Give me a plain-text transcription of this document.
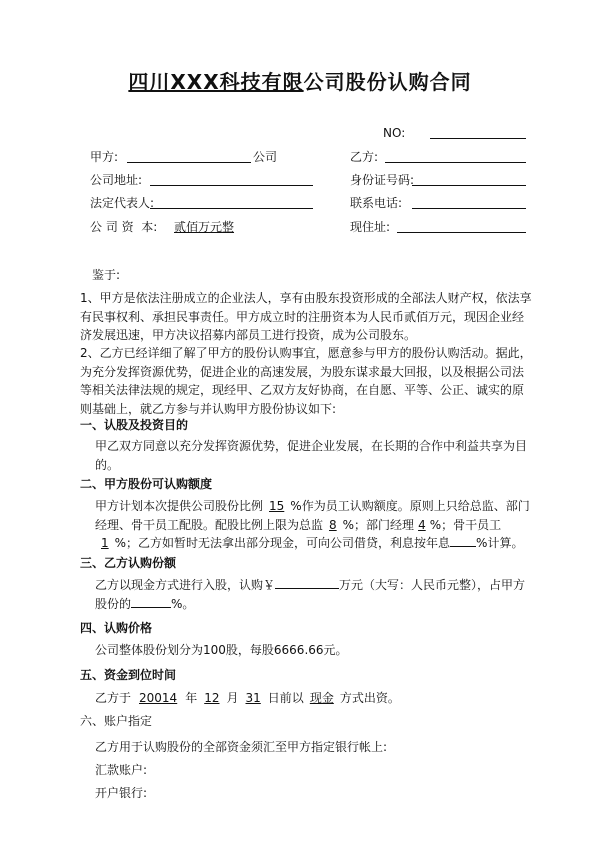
四川XXX科技有限公司股份认购合同
NO:
甲方:	公司	乙方:
公司地址:	身份证号码:
法定代表人:	联系电话:
公 司 资  本:	贰佰万元整	现住址:
鉴于:
1、甲方是依法注册成立的企业法人，享有由股东投资形成的全部法人财产权，依法享有民事权利、承担民事责任。甲方成立时的注册资本为人民币贰佰万元，现因企业经济发展迅速，甲方决议招募内部员工进行投资，成为公司股东。
2、乙方已经详细了解了甲方的股份认购事宜，愿意参与甲方的股份认购活动。据此，为充分发挥资源优势，促进企业的高速发展，为股东谋求最大回报，以及根据公司法等相关法律法规的规定，现经甲、乙双方友好协商，在自愿、平等、公正、诚实的原则基础上，就乙方参与并认购甲方股份协议如下:
一、认股及投资目的
甲乙双方同意以充分发挥资源优势，促进企业发展，在长期的合作中利益共享为目的。
二、甲方股份可认购额度
甲方计划本次提供公司股份比例 15 %作为员工认购额度。原则上只给总监、部门经理、骨干员工配股。配股比例上限为总监 8 %；部门经理 4 %；骨干员工1 %；乙方如暂时无法拿出部分现金，可向公司借贷，利息按年息 %计算。
三、乙方认购份额
乙方以现金方式进行入股，认购￥	万元（大写：人民币元整），占甲方股份的	%。
四、认购价格
公司整体股份划分为100股，每股6666.66元。
五、资金到位时间
乙方于 20014 年 12 月 31 日前以 现金 方式出资。
六、账户指定
乙方用于认购股份的全部资金须汇至甲方指定银行帐上:
汇款账户:
开户银行:
